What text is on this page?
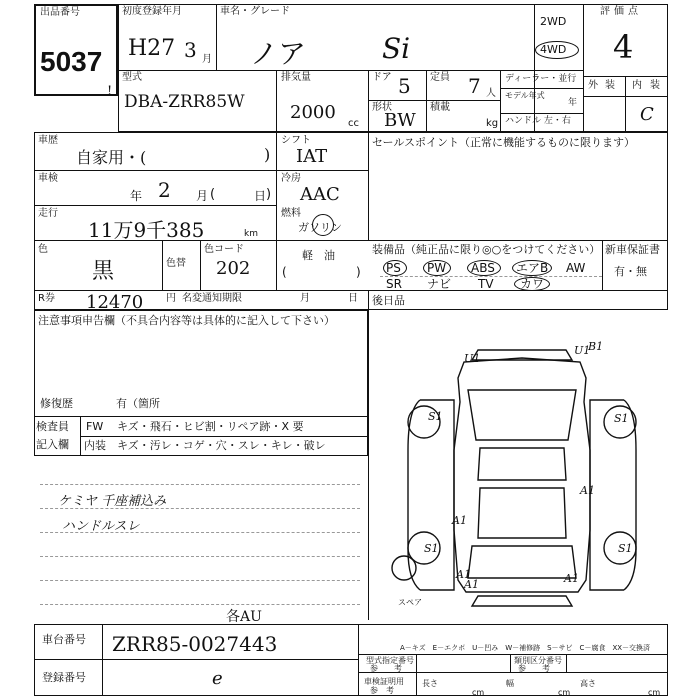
出品番号
5037
!
初度登録年月
H27 3 月
車名・グレード
ノア	Si
2WD
4WD
評価点
4
外 装 内 装
C
型式
DBA-ZRR85W
排気量
2000
cc
ドア 5 定員 7 人
形状
BW
積載
kg
ディーラー・並行
モデル年式
年
ハンドル 左・右
車歴
自家用・(	)
車検
年 2 月 (	日 )
走行
11万9千385	km
色
黒	色替
色コード
202
シフト
IAT
冷房
AAC
燃料
ガソリン
軽　油
(	)
セールスポイント（正常に機能するものに限ります）
装備品（純正品に限り◎○をつけてください）
PS PW ABS エアB AW
SR ナビ TV カワ
新車保証書
有・無
R券 12470 円 名変通知期限	月	日 後日品
注意事項申告欄（不具合内容等は具体的に記入して下さい）
修復歴	有（箇所
検査員
記入欄
FW キズ・飛石・ヒビ割・リペア跡・X 要
内装 キズ・汚レ・コゲ・穴・スレ・キレ・破レ
ケミヤ 千座補込み
ハンドルスレ
各AU
S1	S1
S1	S1
U1
U1
A1	A1
A1
A1
A1
B1
スペア
車台番号 ZRR85-0027443
登録番号	e
A－キズ　E－エクボ　U－凹み　W－補修跡　S－サビ　C－腐食　XX－交換済
型式指定番号
参　　考
類別区分番号
参　　考
車検証明用
参　考
長さ
cm
幅
cm
高さ
cm
